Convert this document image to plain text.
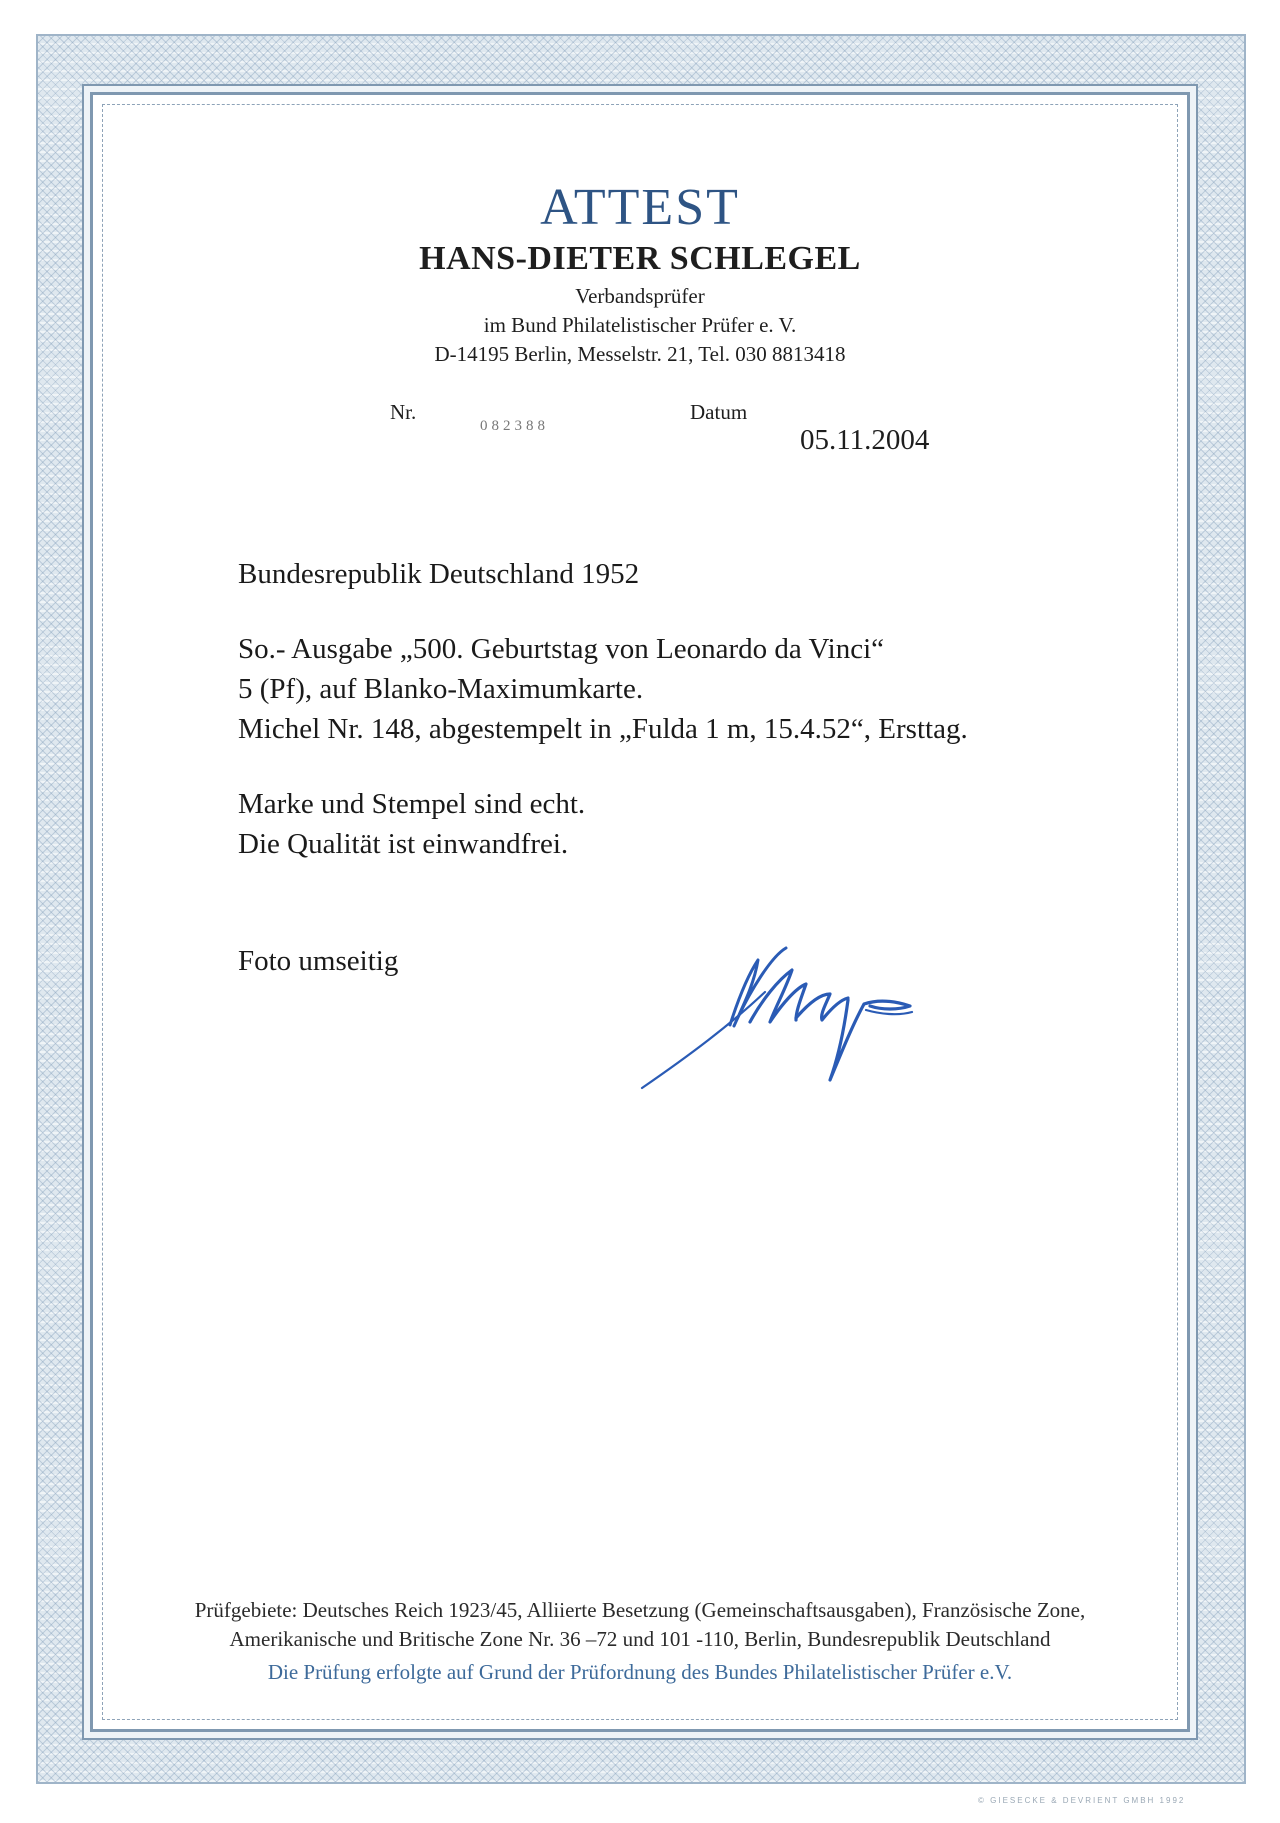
ATTEST
HANS-DIETER SCHLEGEL
Verbandsprüfer
im Bund Philatelistischer Prüfer e. V.
D-14195 Berlin, Messelstr. 21, Tel. 030 8813418
Nr.
082388
Datum
05.11.2004
Bundesrepublik Deutschland 1952
So.- Ausgabe „500. Geburtstag von Leonardo da Vinci“
5 (Pf), auf Blanko-Maximumkarte.
Michel Nr. 148, abgestempelt in „Fulda 1 m, 15.4.52“, Ersttag.
Marke und Stempel sind echt.
Die Qualität ist einwandfrei.
Foto umseitig
Prüfgebiete: Deutsches Reich 1923/45, Alliierte Besetzung (Gemeinschaftsausgaben), Französische Zone,
Amerikanische und Britische Zone Nr. 36 –72 und 101 -110, Berlin, Bundesrepublik Deutschland
Die Prüfung erfolgte auf Grund der Prüfordnung des Bundes Philatelistischer Prüfer e.V.
© GIESECKE & DEVRIENT GMBH 1992
